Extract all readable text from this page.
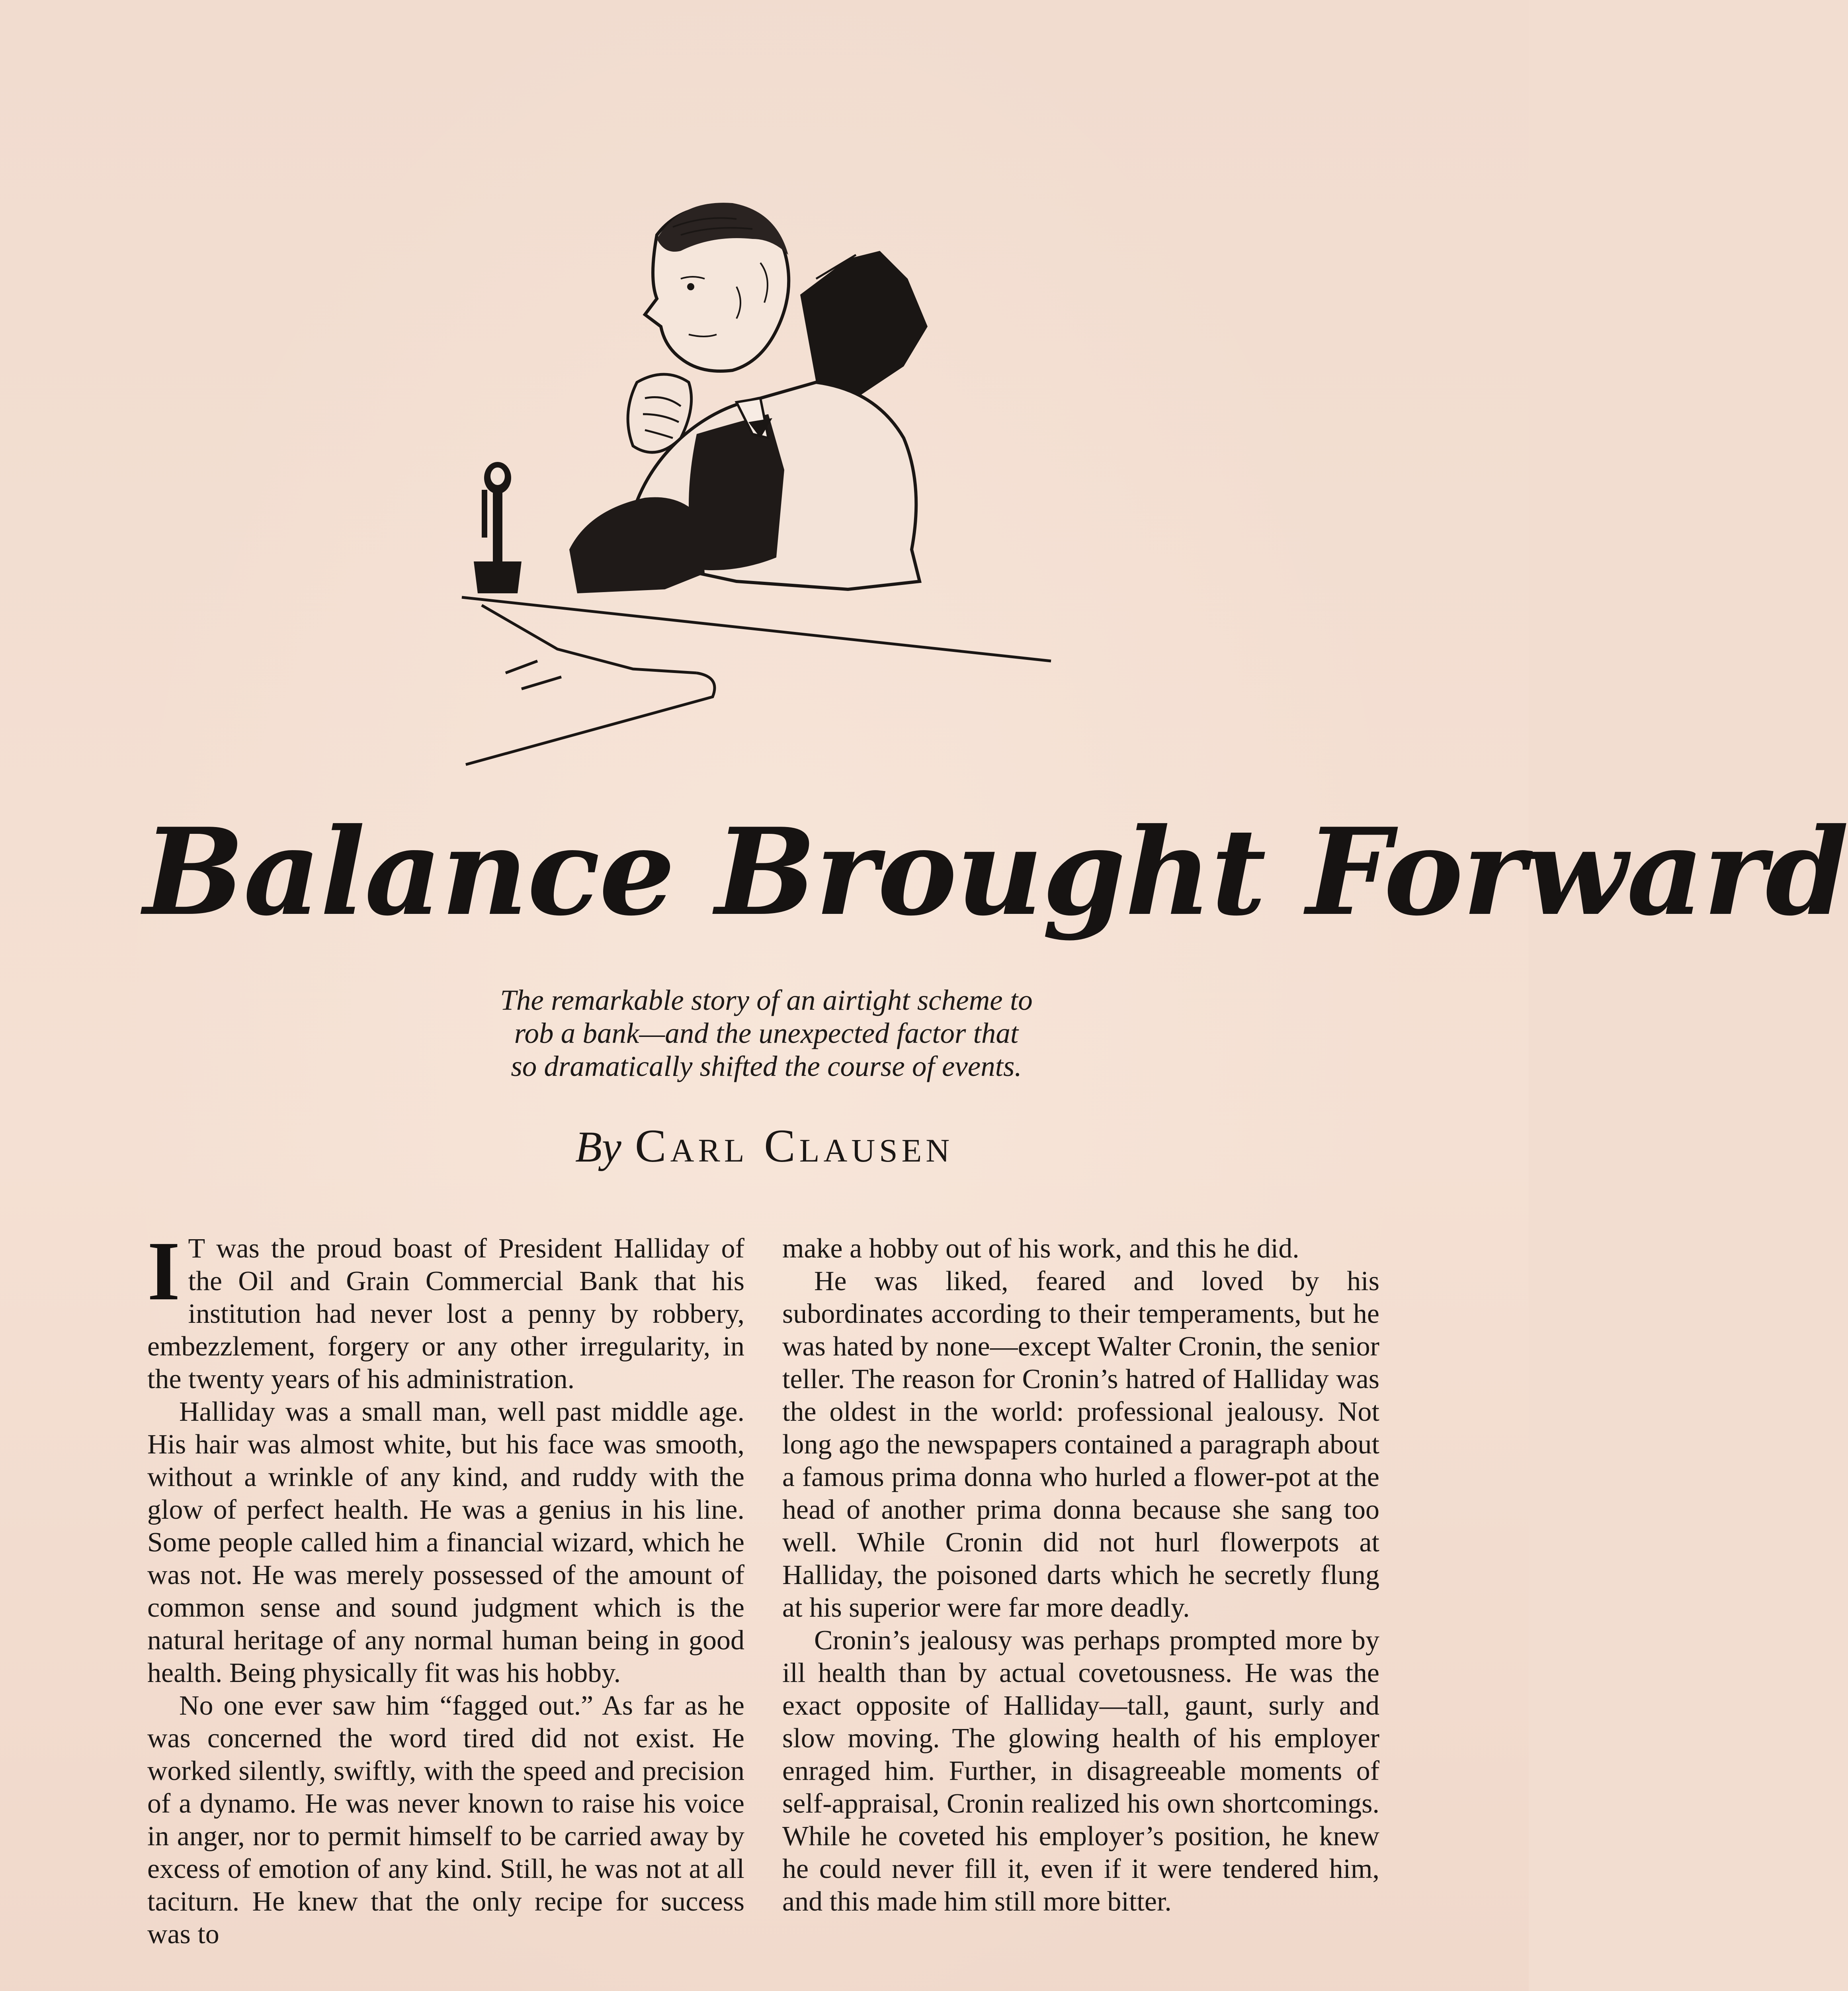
Balance Brought Forward
The remarkable story of an airtight scheme to
rob a bank—and the unexpected factor that
so dramatically shifted the course of events.
By Carl Clausen

I T was the proud boast of President Halliday of the Oil and Grain Commercial Bank that his institution had never lost a penny by robbery, embezzlement, forgery or any other irregularity, in the twenty years of his administration.

Halliday was a small man, well past middle age. His hair was almost white, but his face was smooth, without a wrinkle of any kind, and ruddy with the glow of perfect health. He was a genius in his line. Some people called him a financial wizard, which he was not. He was merely possessed of the amount of common sense and sound judgment which is the natural heritage of any normal human being in good health. Being physically fit was his hobby.

No one ever saw him “fagged out.” As far as he was concerned the word tired did not exist. He worked silently, swiftly, with the speed and precision of a dynamo. He was never known to raise his voice in anger, nor to permit himself to be carried away by excess of emotion of any kind. Still, he was not at all taciturn. He knew that the only recipe for success was to

make a hobby out of his work, and this he did.

He was liked, feared and loved by his subordinates according to their temperaments, but he was hated by none—except Walter Cronin, the senior teller. The reason for Cronin’s hatred of Halliday was the oldest in the world: professional jealousy. Not long ago the newspapers contained a paragraph about a famous prima donna who hurled a flower-pot at the head of another prima donna because she sang too well. While Cronin did not hurl flowerpots at Halliday, the poisoned darts which he secretly flung at his superior were far more deadly.

Cronin’s jealousy was perhaps prompted more by ill health than by actual covetousness. He was the exact opposite of Halliday—tall, gaunt, surly and slow moving. The glowing health of his employer enraged him. Further, in disagreeable moments of self-appraisal, Cronin realized his own shortcomings. While he coveted his employer’s position, he knew he could never fill it, even if it were tendered him, and this made him still more bitter.
